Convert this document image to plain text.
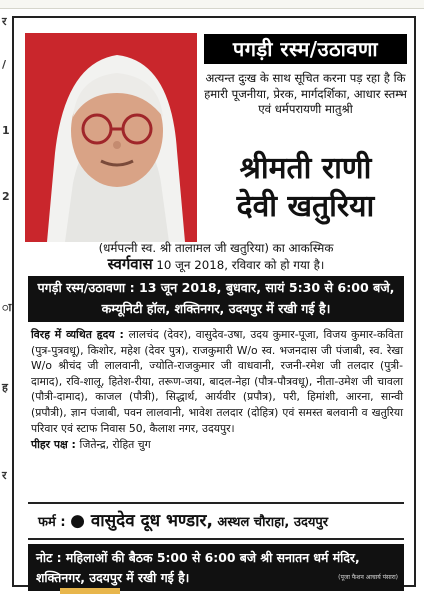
र
/
1
2
ा
ह
र
पगड़ी रस्म/उठावणा
अत्यन्त दुःख के साथ सूचित करना पड़ रहा है कि हमारी पूजनीया, प्रेरक, मार्गदर्शिका, आधार स्तम्भ एवं धर्मपरायणी मातुश्री
श्रीमती राणी
देवी खतुरिया
(धर्मपत्नी स्व. श्री तालामल जी खतुरिया) का आकस्मिक
स्वर्गवास 10 जून 2018, रविवार को हो गया है।
पगड़ी रस्म/उठावणा : 13 जून 2018, बुधवार, सायं 5:30 से 6:00 बजे, कम्यूनिटी हॉल, शक्तिनगर, उदयपुर में रखी गई है।
विरह में व्यथित हृदय : लालचंद (देवर), वासुदेव-उषा, उदय कुमार-पूजा, विजय कुमार-कविता (पुत्र-पुत्रवधू), किशोर, महेश (देवर पुत्र), राजकुमारी W/o स्व. भजनदास जी पंजाबी, स्व. रेखा W/o श्रीचंद जी लालवानी, ज्योति-राजकुमार जी वाधवानी, रजनी-रमेश जी तलदार (पुत्री-दामाद), रवि-शालू, हितेश-रीया, तरूण-जया, बादल-नेहा (पौत्र-पौत्रवधू), नीता-उमेश जी चावला (पौत्री-दामाद), काजल (पौत्री), सिद्धार्थ, आर्यवीर (प्रपौत्र), परी, हिमांशी, आरना, सान्वी (प्रपौत्री), ज्ञान पंजाबी, पवन लालवानी, भावेश तलदार (दोहित्र) एवं समस्त बलवानी व खतुरिया परिवार एवं स्टाफ निवास 50, कैलाश नगर, उदयपुर।
पीहर पक्ष : जितेन्द्र, रोहित चुग
फर्म : ● वासुदेव दूध भण्डार, अस्थल चौराहा, उदयपुर
नोट : महिलाओं की बैठक 5:00 से 6:00 बजे श्री सनातन धर्म मंदिर, शक्तिनगर, उदयपुर में रखी गई है।	(पूजा फैशन आचार्य पंसारा)
